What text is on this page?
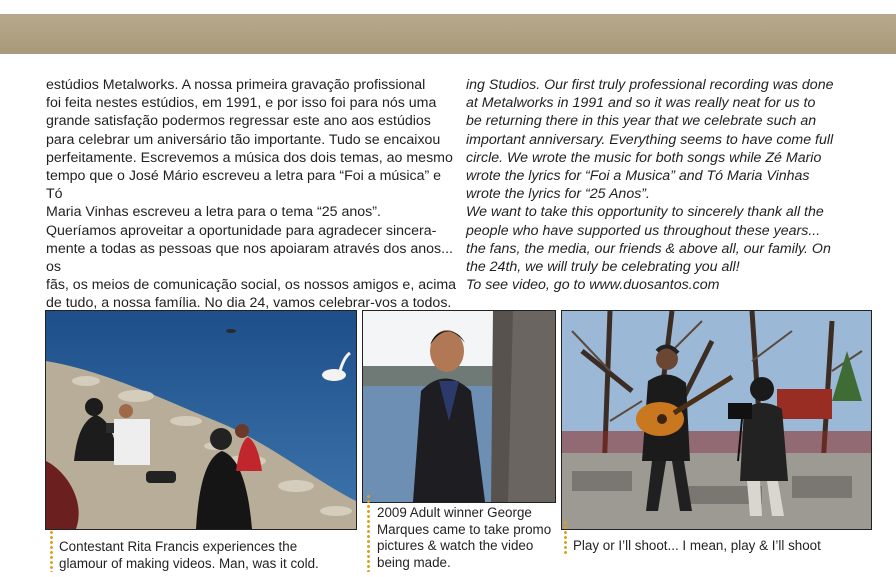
estúdios Metalworks. A nossa primeira gravação profissional
foi feita nestes estúdios, em 1991, e por isso foi para nós uma
grande satisfação podermos regressar este ano aos estúdios
para celebrar um aniversário tão importante. Tudo se encaixou
perfeitamente. Escrevemos a música dos dois temas, ao mesmo
tempo que o José Mário escreveu a letra para “Foi a música” e Tó
Maria Vinhas escreveu a letra para o tema “25 anos”.
Queríamos aproveitar a oportunidade para agradecer sincera-
mente a todas as pessoas que nos apoiaram através dos anos... os
fãs, os meios de comunicação social, os nossos amigos e, acima
de tudo, a nossa família. No dia 24, vamos celebrar-vos a todos.

ing Studios. Our first truly professional recording was done
at Metalworks in 1991 and so it was really neat for us to
be returning there in this year that we celebrate such an
important anniversary. Everything seems to have come full
circle. We wrote the music for both songs while Zé Mario
wrote the lyrics for “Foi a Musica” and Tó Maria Vinhas
wrote the lyrics for “25 Anos”.
We want to take this opportunity to sincerely thank all the
people who have supported us throughout these years...
the fans, the media, our friends & above all, our family. On
the 24th, we will truly be celebrating you all!
To see video, go to www.duosantos.com
Contestant Rita Francis experiences the
glamour of making videos. Man, was it cold.
2009 Adult winner George
Marques came to take promo
pictures & watch the video
being made.
Play or I’ll shoot... I mean, play & I’ll shoot
